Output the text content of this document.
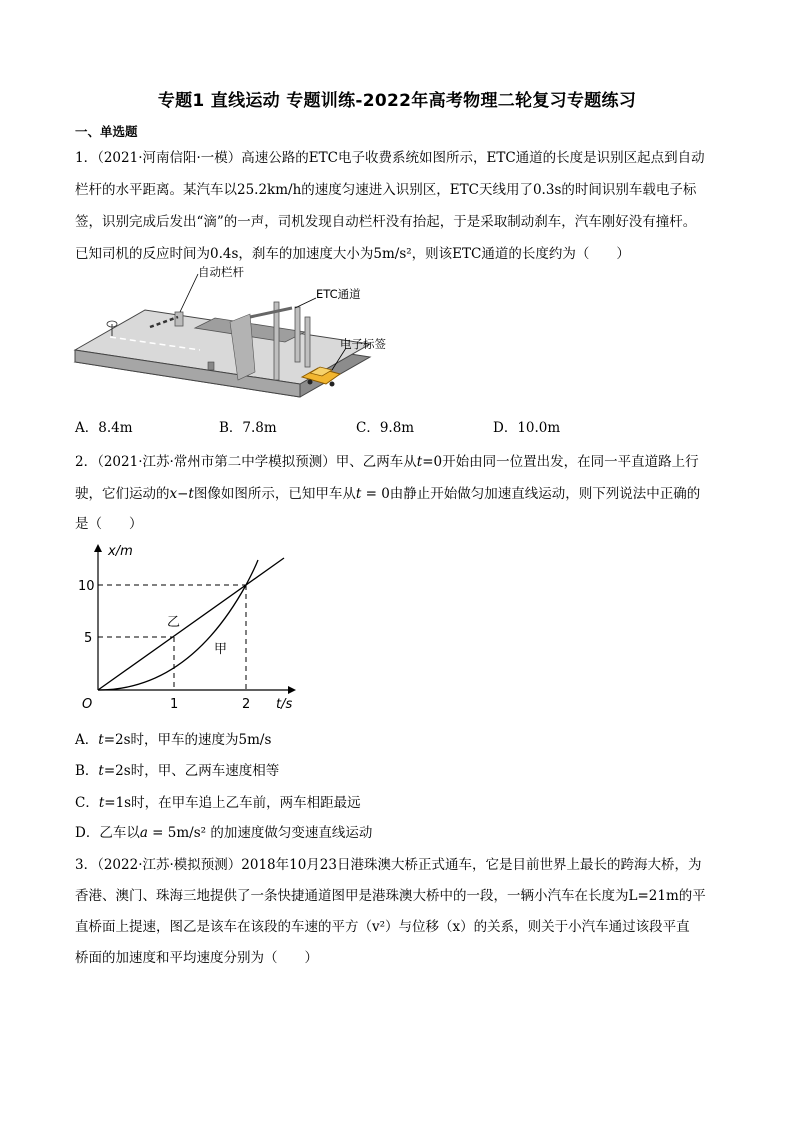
专题1 直线运动 专题训练-2022年高考物理二轮复习专题练习
一、单选题
1．（2021·河南信阳·一模）高速公路的ETC电子收费系统如图所示，ETC通道的长度是识别区起点到自动
栏杆的水平距离。某汽车以25.2km/h的速度匀速进入识别区，ETC天线用了0.3s的时间识别车载电子标
签，识别完成后发出“滴”的一声，司机发现自动栏杆没有抬起，于是采取制动刹车，汽车刚好没有撞杆。
已知司机的反应时间为0.4s，刹车的加速度大小为5m/s²，则该ETC通道的长度约为（　　）
自动栏杆
ETC通道
电子标签
A．8.4m	B．7.8m	C．9.8m	D．10.0m
2．（2021·江苏·常州市第二中学模拟预测）甲、乙两车从t=0开始由同一位置出发，在同一平直道路上行
驶，它们运动的x−t图像如图所示，已知甲车从t = 0由静止开始做匀加速直线运动，则下列说法中正确的
是（　　）
x/m
t/s
O
10
5
1	2
乙
甲
A．t=2s时，甲车的速度为5m/s
B．t=2s时，甲、乙两车速度相等
C．t=1s时，在甲车追上乙车前，两车相距最远
D．乙车以a = 5m/s² 的加速度做匀变速直线运动
3．（2022·江苏·模拟预测）2018年10月23日港珠澳大桥正式通车，它是目前世界上最长的跨海大桥，为
香港、澳门、珠海三地提供了一条快捷通道图甲是港珠澳大桥中的一段，一辆小汽车在长度为L=21m的平
直桥面上提速，图乙是该车在该段的车速的平方（v²）与位移（x）的关系，则关于小汽车通过该段平直
桥面的加速度和平均速度分别为（　　）
